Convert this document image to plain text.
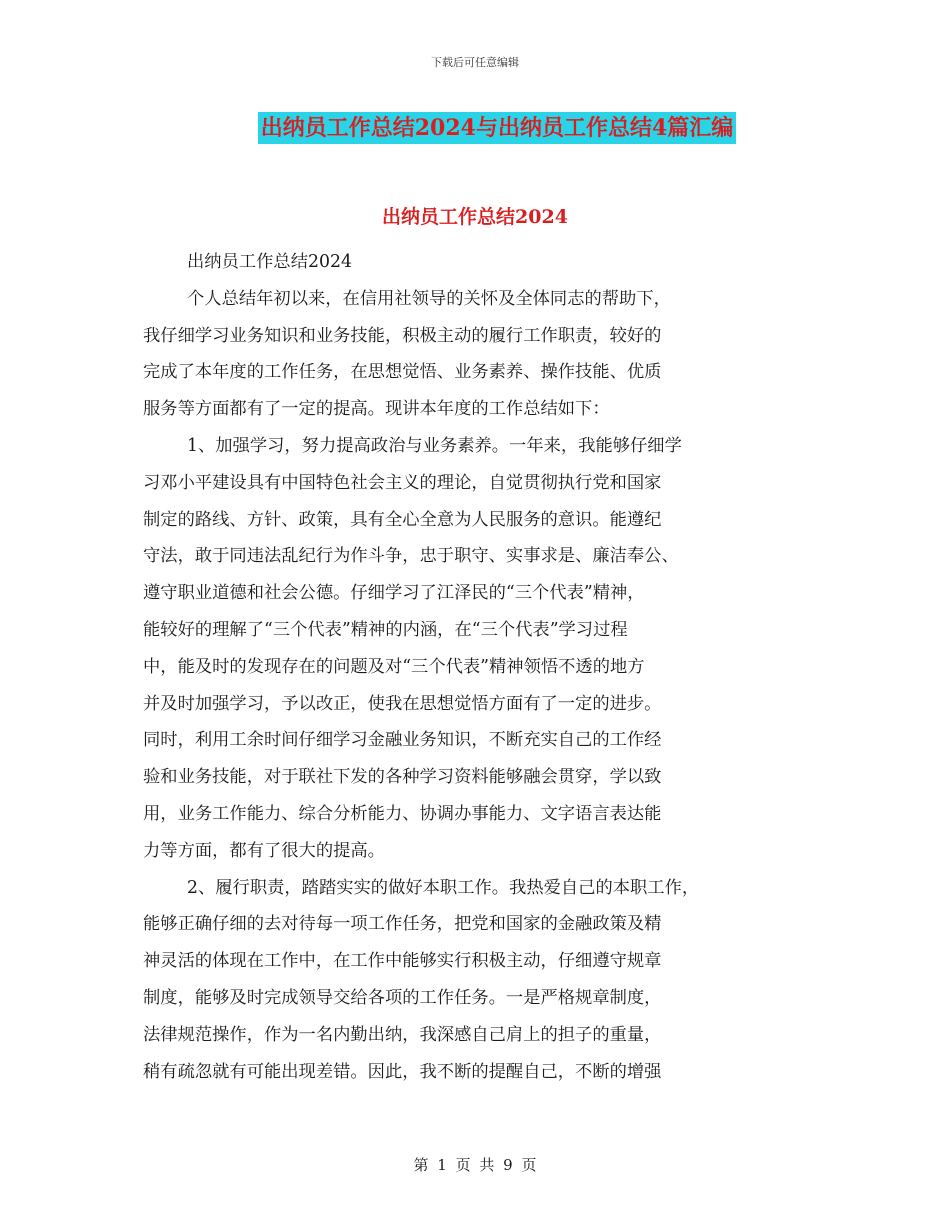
下载后可任意编辑
出纳员工作总结2024与出纳员工作总结4篇汇编
出纳员工作总结2024

出纳员工作总结2024

个人总结年初以来，在信用社领导的关怀及全体同志的帮助下，

我仔细学习业务知识和业务技能，积极主动的履行工作职责，较好的

完成了本年度的工作任务，在思想觉悟、业务素养、操作技能、优质

服务等方面都有了一定的提高。现讲本年度的工作总结如下：

1、加强学习，努力提高政治与业务素养。一年来，我能够仔细学

习邓小平建设具有中国特色社会主义的理论，自觉贯彻执行党和国家

制定的路线、方针、政策，具有全心全意为人民服务的意识。能遵纪

守法，敢于同违法乱纪行为作斗争，忠于职守、实事求是、廉洁奉公、

遵守职业道德和社会公德。仔细学习了江泽民的“三个代表”精神，

能较好的理解了“三个代表”精神的内涵，在“三个代表”学习过程

中，能及时的发现存在的问题及对“三个代表”精神领悟不透的地方

并及时加强学习，予以改正，使我在思想觉悟方面有了一定的进步。

同时，利用工余时间仔细学习金融业务知识，不断充实自己的工作经

验和业务技能，对于联社下发的各种学习资料能够融会贯穿，学以致

用，业务工作能力、综合分析能力、协调办事能力、文字语言表达能

力等方面，都有了很大的提高。

2、履行职责，踏踏实实的做好本职工作。我热爱自己的本职工作，

能够正确仔细的去对待每一项工作任务，把党和国家的金融政策及精

神灵活的体现在工作中，在工作中能够实行积极主动，仔细遵守规章

制度，能够及时完成领导交给各项的工作任务。一是严格规章制度，

法律规范操作，作为一名内勤出纳，我深感自己肩上的担子的重量，

稍有疏忽就有可能出现差错。因此，我不断的提醒自己，不断的增强

第 1 页 共 9 页
